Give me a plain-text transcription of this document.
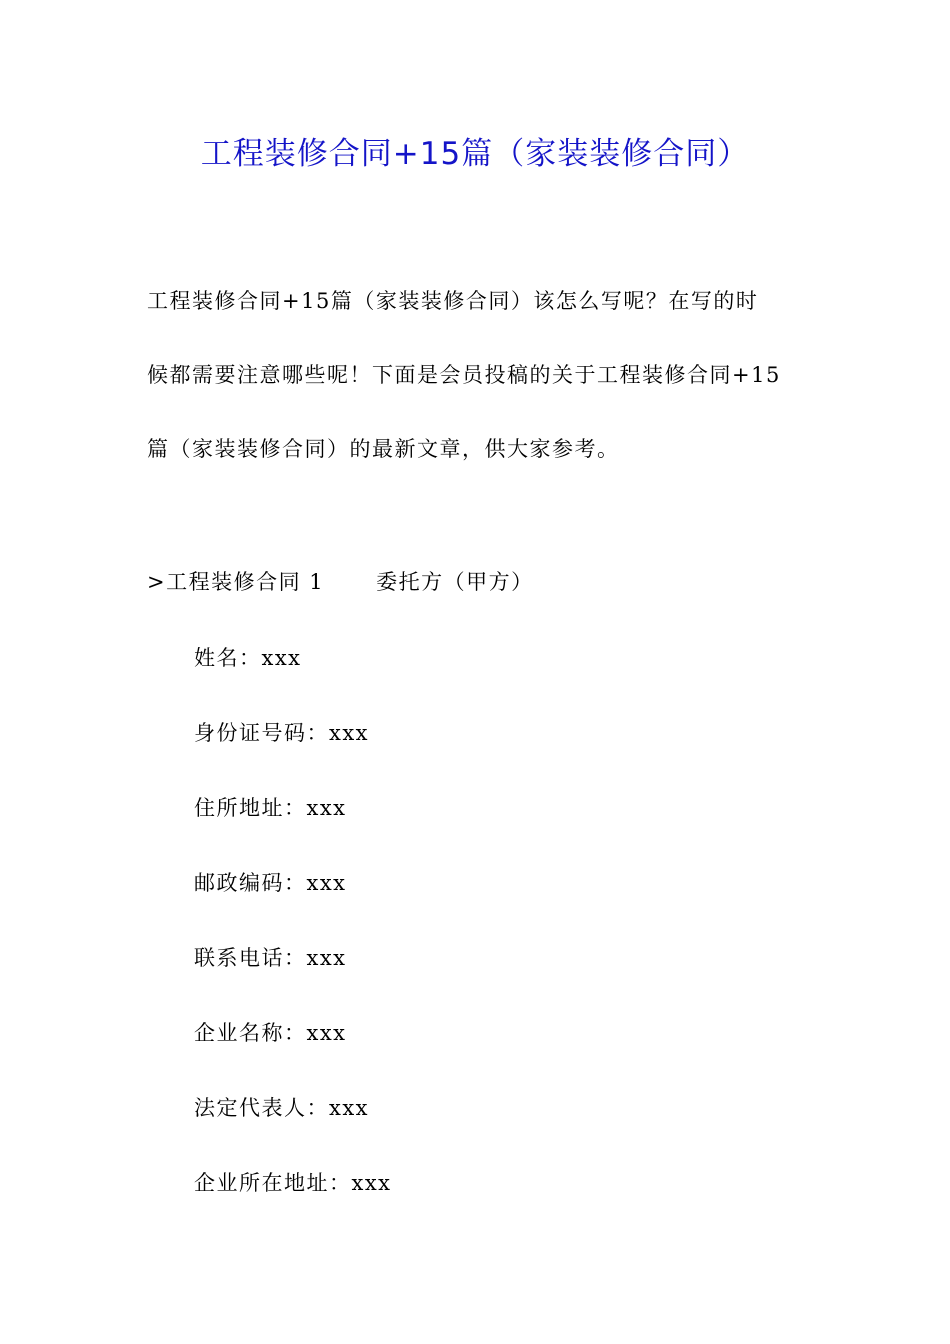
工程装修合同+15篇（家装装修合同）
工程装修合同+15篇（家装装修合同）该怎么写呢？在写的时
候都需要注意哪些呢！下面是会员投稿的关于工程装修合同+15
篇（家装装修合同）的最新文章，供大家参考。
>工程装修合同 1 委托方（甲方）
姓名：xxx
身份证号码：xxx
住所地址：xxx
邮政编码：xxx
联系电话：xxx
企业名称：xxx
法定代表人：xxx
企业所在地址：xxx
